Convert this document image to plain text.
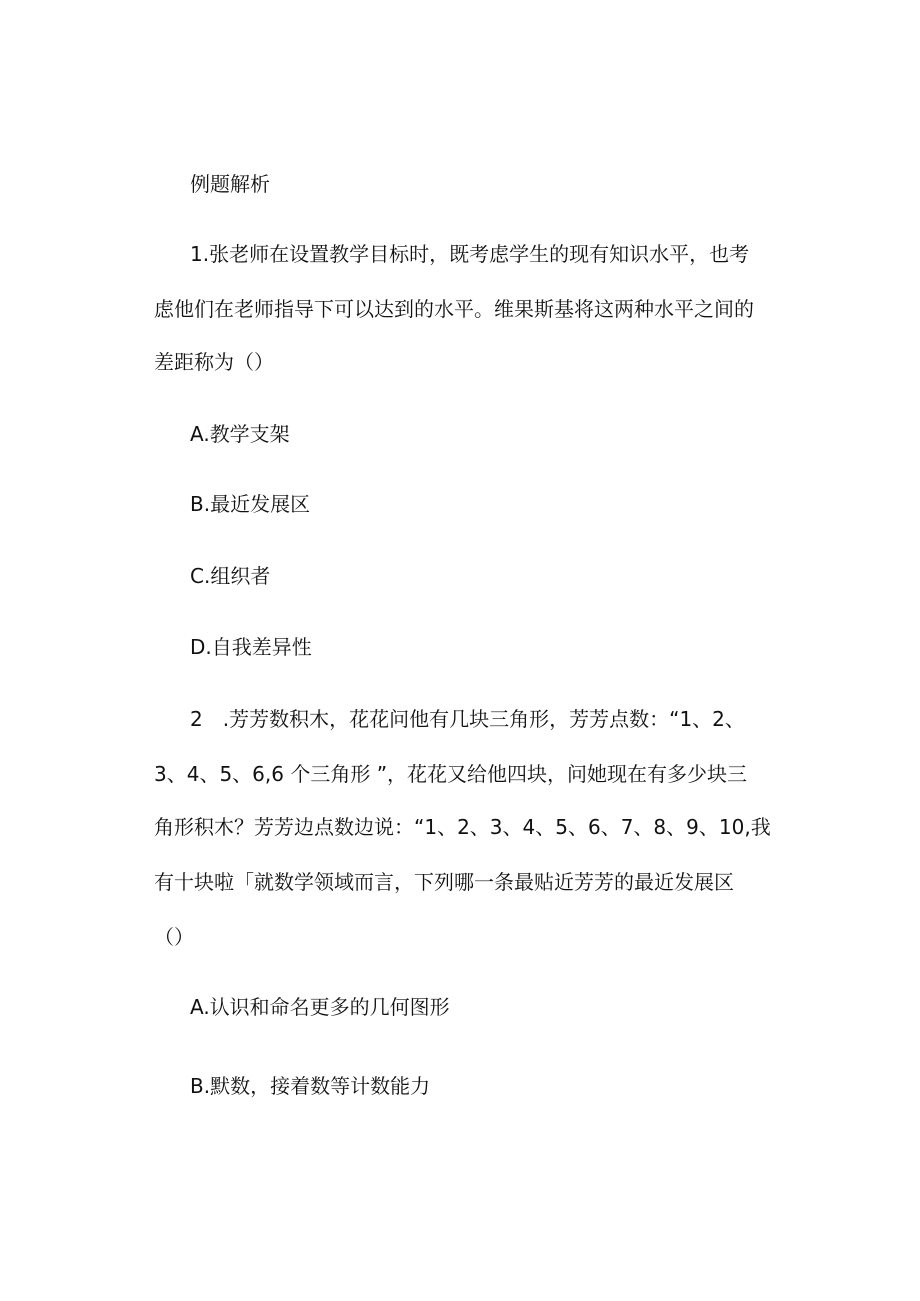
例题解析
1.张老师在设置教学目标时，既考虑学生的现有知识水平，也考
虑他们在老师指导下可以达到的水平。维果斯基将这两种水平之间的
差距称为（）
A.教学支架
B.最近发展区
C.组织者
D.自我差异性
2　.芳芳数积木，花花问他有几块三角形，芳芳点数：“1、2、
3、4、5、6,6 个三角形 ”，花花又给他四块，问她现在有多少块三
角形积木？芳芳边点数边说：“1、2、3、4、5、6、7、8、9、10,我
有十块啦「就数学领域而言，下列哪一条最贴近芳芳的最近发展区
（）
A.认识和命名更多的几何图形
B.默数，接着数等计数能力
